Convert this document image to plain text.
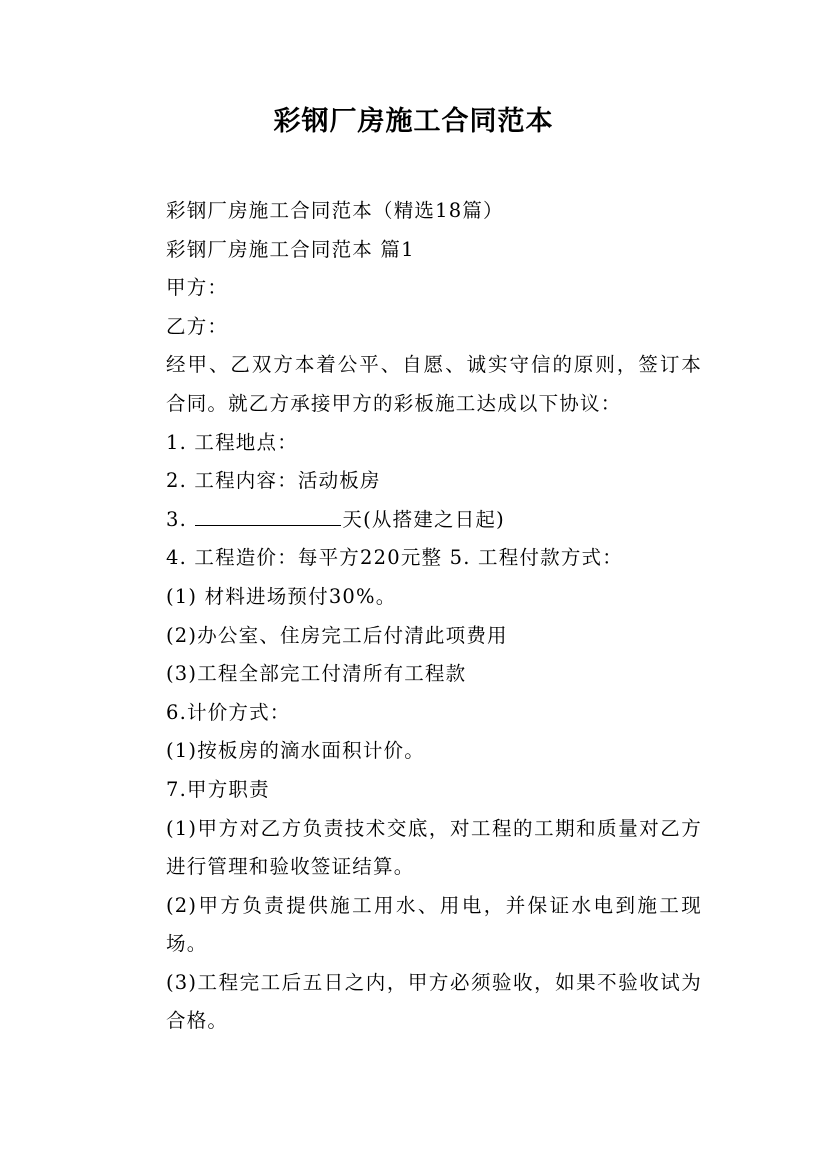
彩钢厂房施工合同范本

彩钢厂房施工合同范本（精选18篇）

彩钢厂房施工合同范本 篇1

甲方：

乙方：

经甲、乙双方本着公平、自愿、诚实守信的原则，签订本合同。就乙方承接甲方的彩板施工达成以下协议：

1. 工程地点：

2. 工程内容：活动板房

3.	天(从搭建之日起)

4. 工程造价：每平方220元整 5. 工程付款方式：

(1) 材料进场预付30%。

(2)办公室、住房完工后付清此项费用

(3)工程全部完工付清所有工程款

6.计价方式：

(1)按板房的滴水面积计价。

7.甲方职责

(1)甲方对乙方负责技术交底，对工程的工期和质量对乙方进行管理和验收签证结算。

(2)甲方负责提供施工用水、用电，并保证水电到施工现场。

(3)工程完工后五日之内，甲方必须验收，如果不验收试为合格。
